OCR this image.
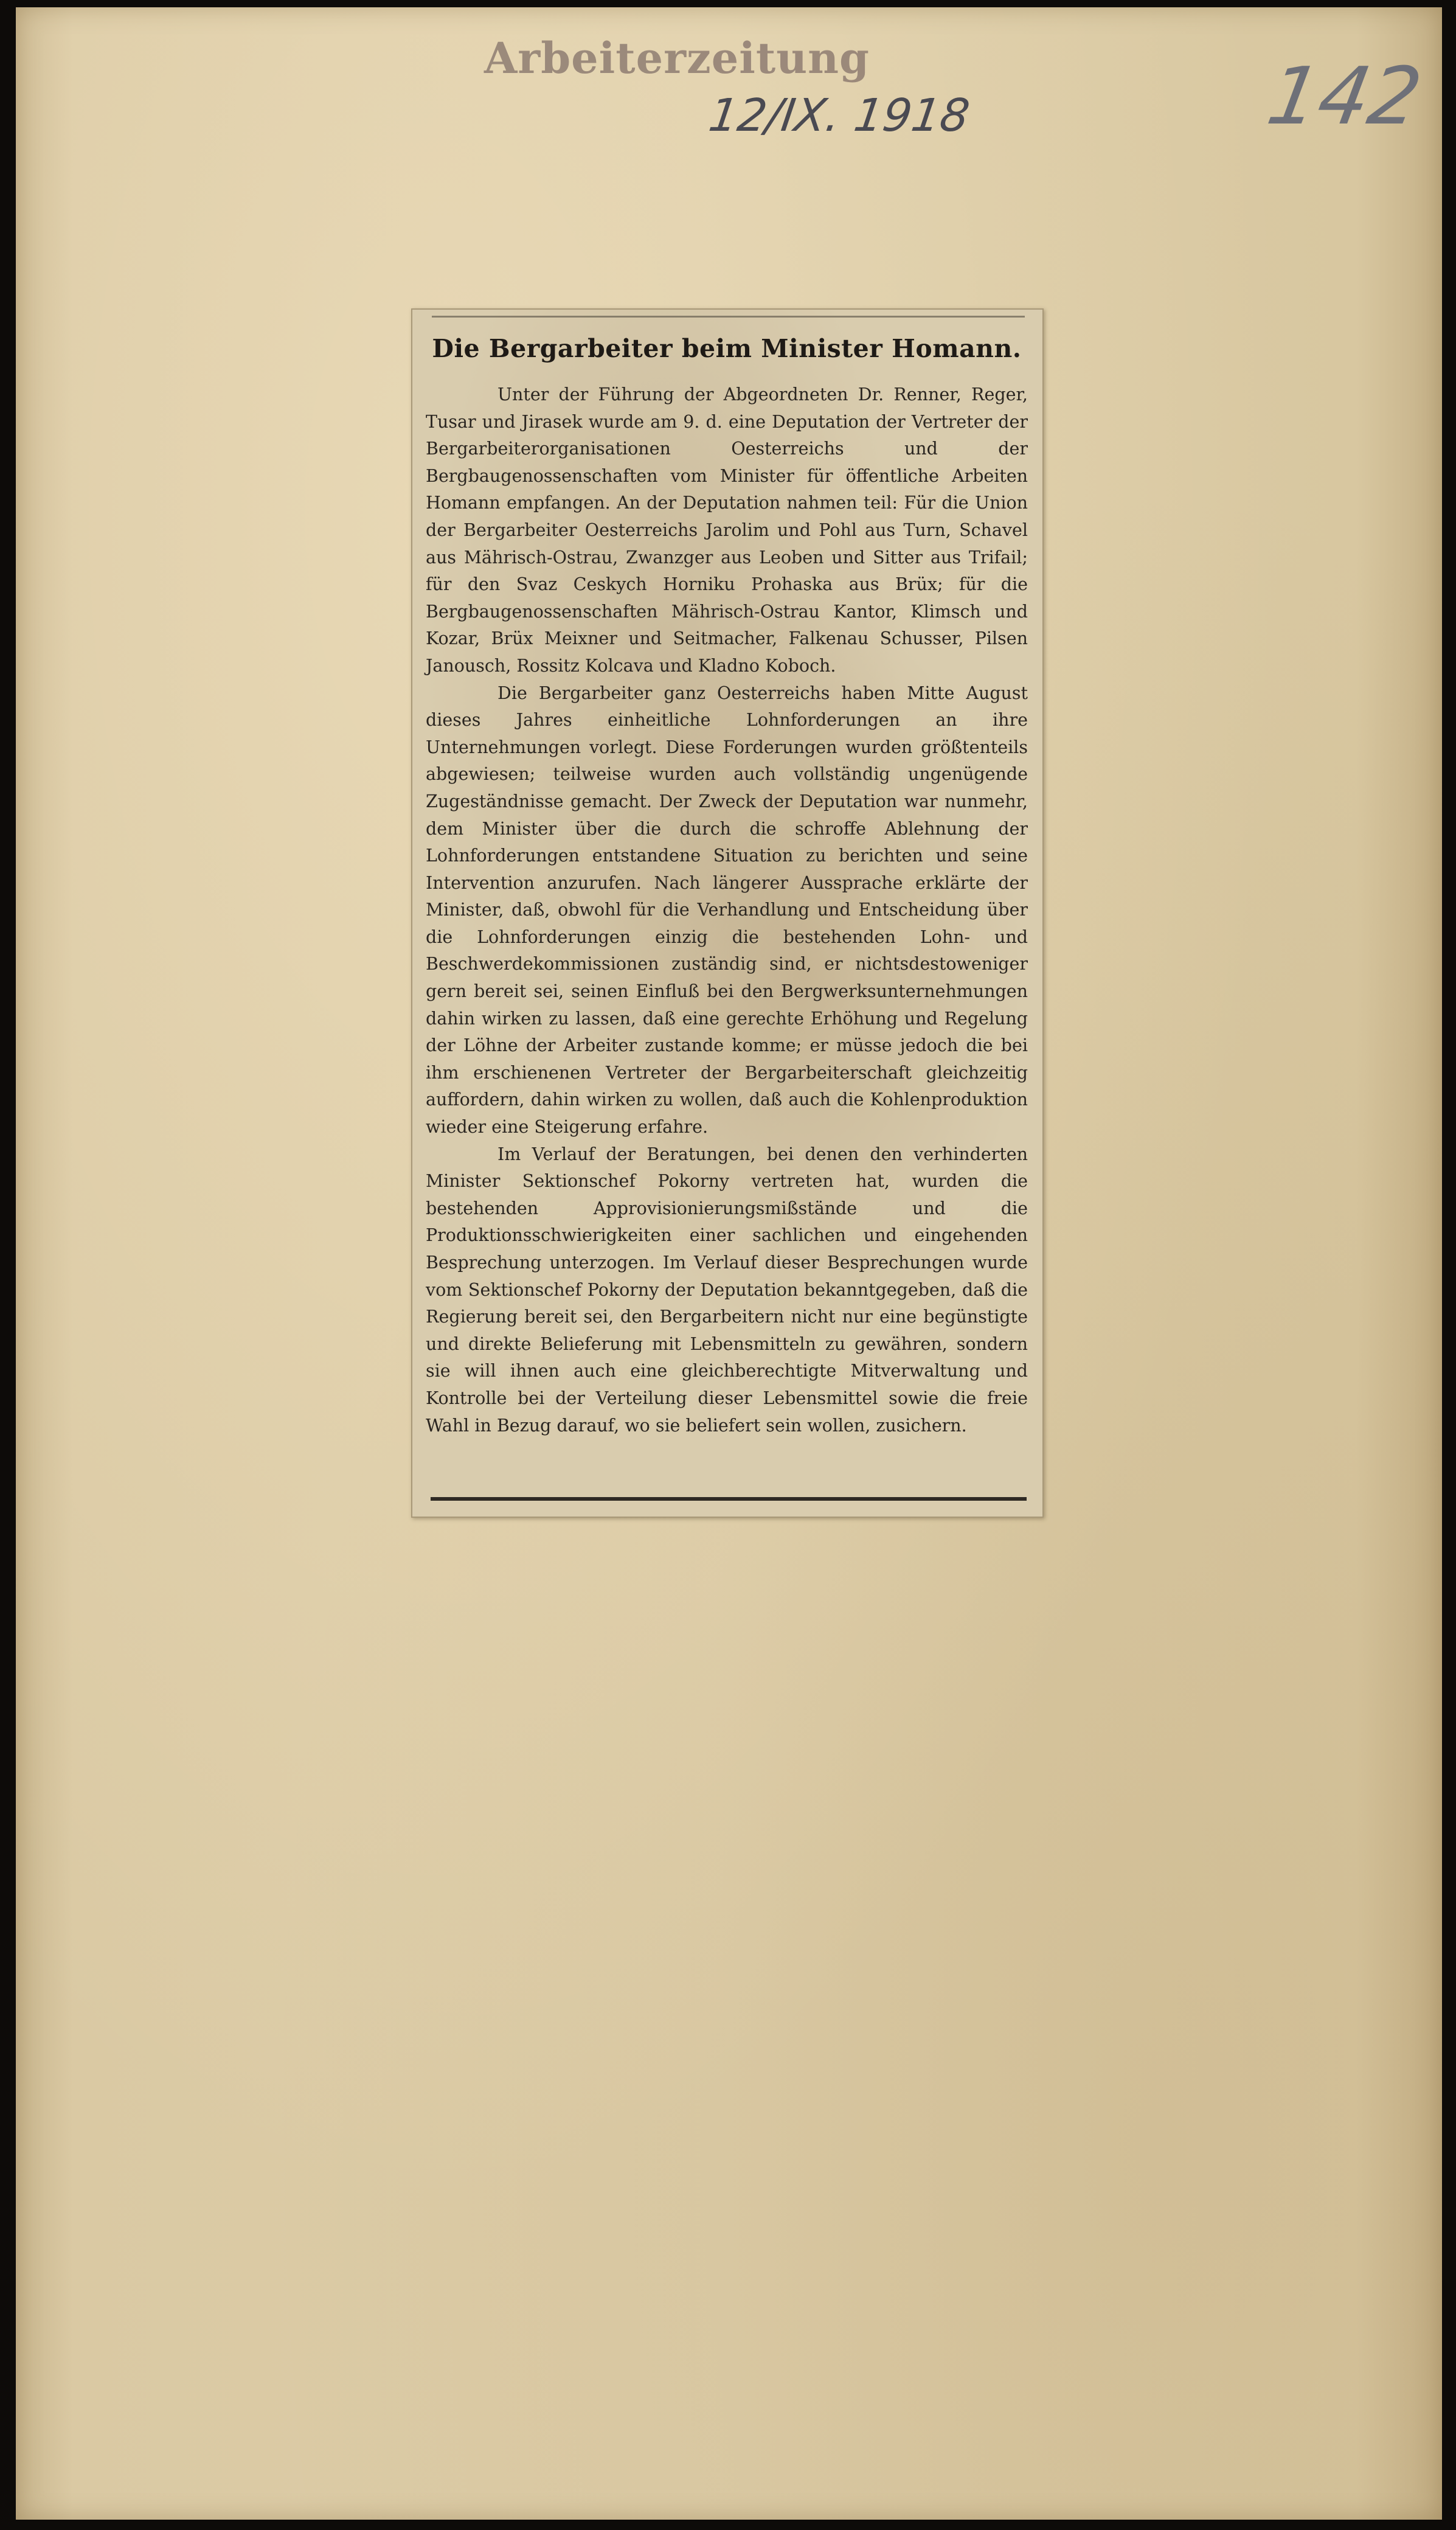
Arbeiterzeitung
12/IX. 1918	142
Die Bergarbeiter beim Minister Homann.

Unter der Führung der Abgeordneten Dr. Renner, Reger, Tusar und Jirasek wurde am 9. d. eine Deputation der Vertreter der Bergarbeiterorganisationen Oesterreichs und der Bergbaugenossenschaften vom Minister für öffentliche Arbeiten Homann empfangen. An der Deputation nahmen teil: Für die Union der Bergarbeiter Oesterreichs Jarolim und Pohl aus Turn, Schavel aus Mährisch-Ostrau, Zwanzger aus Leoben und Sitter aus Trifail; für den Svaz Ceskych Horniku Prohaska aus Brüx; für die Bergbaugenossenschaften Mährisch-Ostrau Kantor, Klimsch und Kozar, Brüx Meixner und Seitmacher, Falkenau Schusser, Pilsen Janousch, Rossitz Kolcava und Kladno Koboch.

Die Bergarbeiter ganz Oesterreichs haben Mitte August dieses Jahres einheitliche Lohnforderungen an ihre Unternehmungen vorlegt. Diese Forderungen wurden größtenteils abgewiesen; teilweise wurden auch vollständig ungenügende Zugeständnisse gemacht. Der Zweck der Deputation war nunmehr, dem Minister über die durch die schroffe Ablehnung der Lohnforderungen entstandene Situation zu berichten und seine Intervention anzurufen. Nach längerer Aussprache erklärte der Minister, daß, obwohl für die Verhandlung und Entscheidung über die Lohnforderungen einzig die bestehenden Lohn- und Beschwerdekommissionen zuständig sind, er nichtsdestoweniger gern bereit sei, seinen Einfluß bei den Bergwerksunternehmungen dahin wirken zu lassen, daß eine gerechte Erhöhung und Regelung der Löhne der Arbeiter zustande komme; er müsse jedoch die bei ihm erschienenen Vertreter der Bergarbeiterschaft gleichzeitig auffordern, dahin wirken zu wollen, daß auch die Kohlenproduktion wieder eine Steigerung erfahre.

Im Verlauf der Beratungen, bei denen den verhinderten Minister Sektionschef Pokorny vertreten hat, wurden die bestehenden Approvisionierungsmißstände und die Produktionsschwierigkeiten einer sachlichen und eingehenden Besprechung unterzogen. Im Verlauf dieser Besprechungen wurde vom Sektionschef Pokorny der Deputation bekanntgegeben, daß die Regierung bereit sei, den Bergarbeitern nicht nur eine begünstigte und direkte Belieferung mit Lebensmitteln zu gewähren, sondern sie will ihnen auch eine gleichberechtigte Mitverwaltung und Kontrolle bei der Verteilung dieser Lebensmittel sowie die freie Wahl in Bezug darauf, wo sie beliefert sein wollen, zusichern.
